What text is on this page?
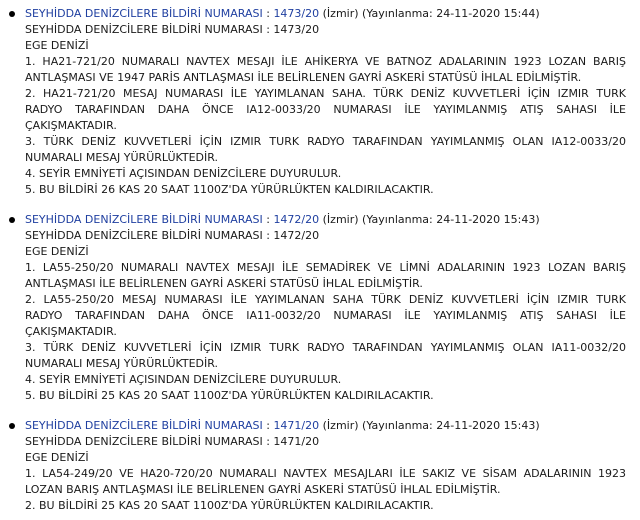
SEYHİDDA DENİZCİLERE BİLDİRİ NUMARASI : 1473/20 (İzmir) (Yayınlanma: 24-11-2020 15:44)
SEYHİDDA DENİZCİLERE BİLDİRİ NUMARASI : 1473/20
EGE DENİZİ
1. HA21-721/20 NUMARALI NAVTEX MESAJI İLE AHİKERYA VE BATNOZ ADALARININ 1923 LOZAN BARIŞ
ANTLAŞMASI VE 1947 PARİS ANTLAŞMASI İLE BELİRLENEN GAYRİ ASKERİ STATÜSÜ İHLAL EDİLMİŞTİR.
2. HA21-721/20 MESAJ NUMARASI İLE YAYIMLANAN SAHA. TÜRK DENİZ KUVVETLERİ İÇİN IZMIR TURK
RADYO TARAFINDAN DAHA ÖNCE IA12-0033/20 NUMARASI İLE YAYIMLANMIŞ ATIŞ SAHASI İLE
ÇAKIŞMAKTADIR.
3. TÜRK DENİZ KUVVETLERİ İÇİN IZMIR TURK RADYO TARAFINDAN YAYIMLANMIŞ OLAN IA12-0033/20
NUMARALI MESAJ YÜRÜRLÜKTEDİR.
4. SEYİR EMNİYETİ AÇISINDAN DENİZCİLERE DUYURULUR.
5. BU BİLDİRİ 26 KAS 20 SAAT 1100Z'DA YÜRÜRLÜKTEN KALDIRILACAKTIR.
SEYHİDDA DENİZCİLERE BİLDİRİ NUMARASI : 1472/20 (İzmir) (Yayınlanma: 24-11-2020 15:43)
SEYHİDDA DENİZCİLERE BİLDİRİ NUMARASI : 1472/20
EGE DENİZİ
1. LA55-250/20 NUMARALI NAVTEX MESAJI İLE SEMADİREK VE LİMNİ ADALARININ 1923 LOZAN BARIŞ
ANTLAŞMASI İLE BELİRLENEN GAYRİ ASKERİ STATÜSÜ İHLAL EDİLMİŞTİR.
2. LA55-250/20 MESAJ NUMARASI İLE YAYIMLANAN SAHA TÜRK DENİZ KUVVETLERİ İÇİN IZMIR TURK
RADYO TARAFINDAN DAHA ÖNCE IA11-0032/20 NUMARASI İLE YAYIMLANMIŞ ATIŞ SAHASI İLE
ÇAKIŞMAKTADIR.
3. TÜRK DENİZ KUVVETLERİ İÇİN IZMIR TURK RADYO TARAFINDAN YAYIMLANMIŞ OLAN IA11-0032/20
NUMARALI MESAJ YÜRÜRLÜKTEDİR.
4. SEYİR EMNİYETİ AÇISINDAN DENİZCİLERE DUYURULUR.
5. BU BİLDİRİ 25 KAS 20 SAAT 1100Z'DA YÜRÜRLÜKTEN KALDIRILACAKTIR.
SEYHİDDA DENİZCİLERE BİLDİRİ NUMARASI : 1471/20 (İzmir) (Yayınlanma: 24-11-2020 15:43)
SEYHİDDA DENİZCİLERE BİLDİRİ NUMARASI : 1471/20
EGE DENİZİ
1. LA54-249/20 VE HA20-720/20 NUMARALI NAVTEX MESAJLARI İLE SAKIZ VE SİSAM ADALARININ 1923
LOZAN BARIŞ ANTLAŞMASI İLE BELİRLENEN GAYRİ ASKERİ STATÜSÜ İHLAL EDİLMİŞTİR.
2. BU BİLDİRİ 25 KAS 20 SAAT 1100Z'DA YÜRÜRLÜKTEN KALDIRILACAKTIR.
